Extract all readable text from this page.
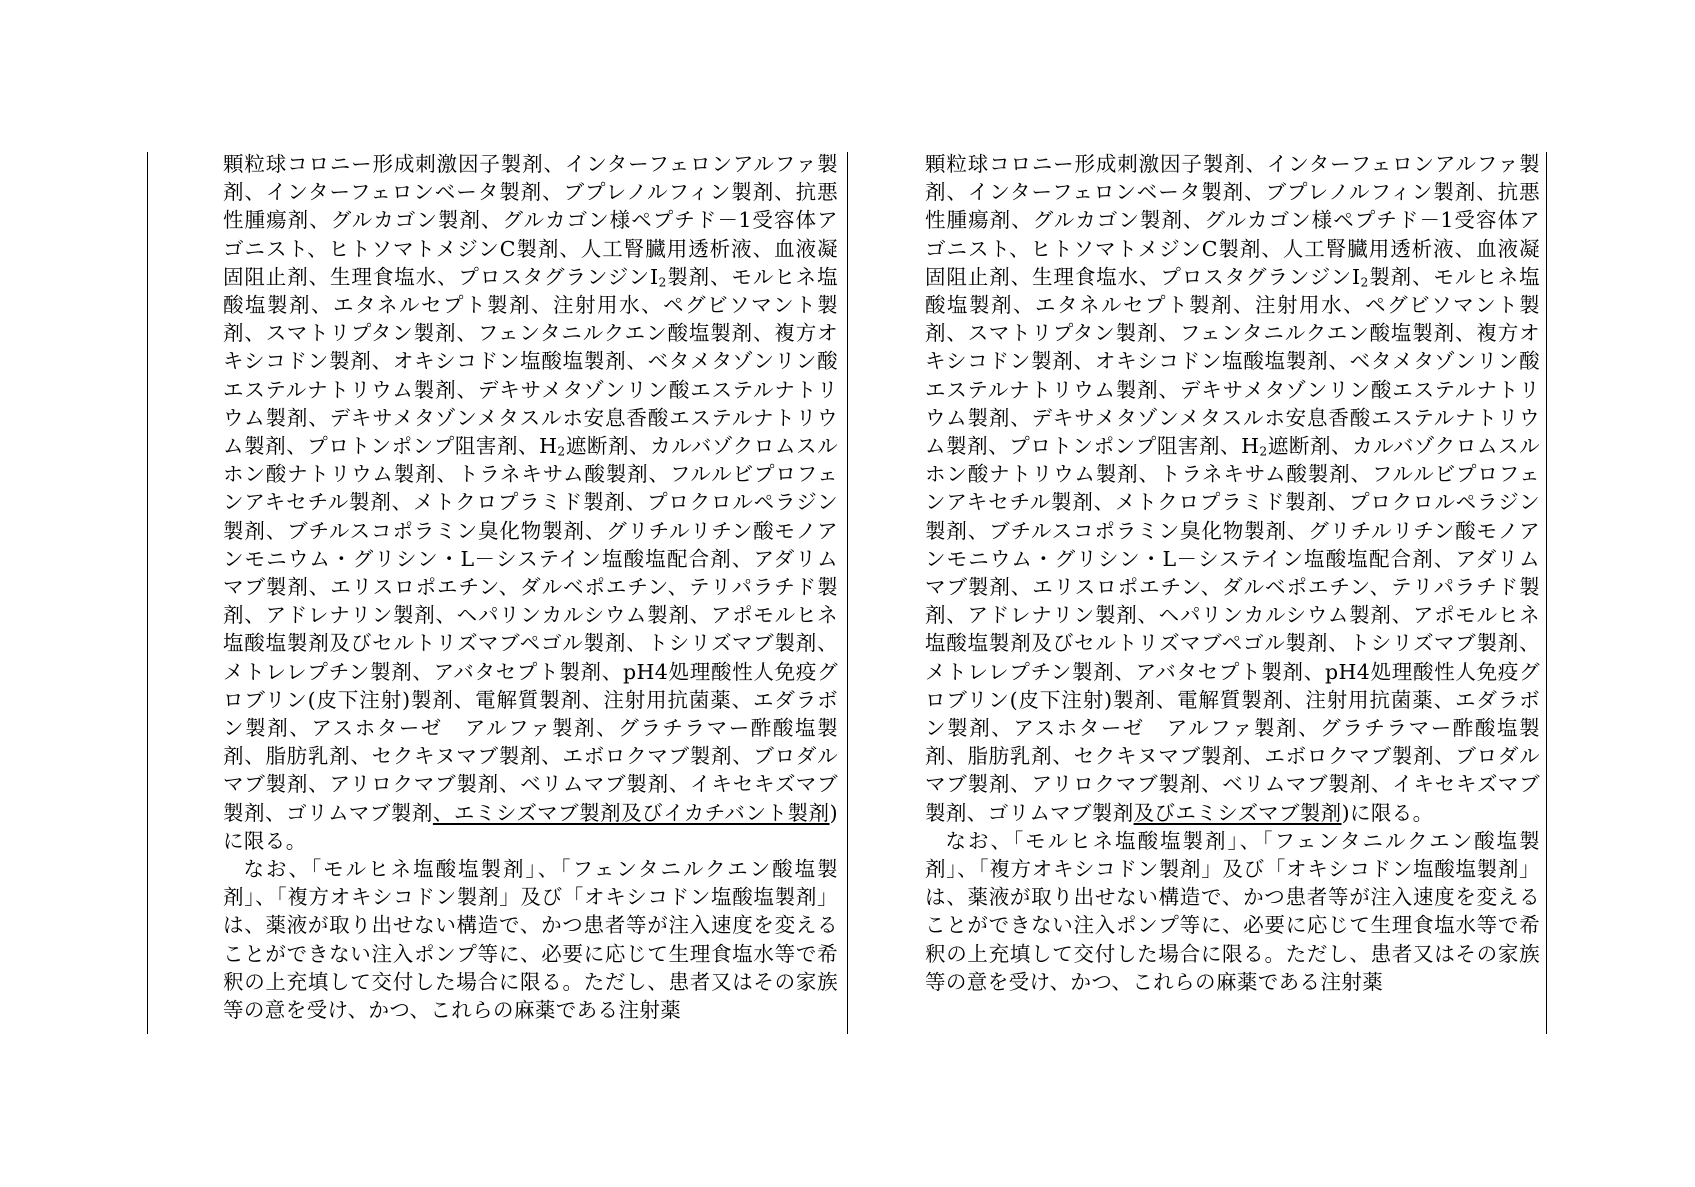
顆粒球コロニー形成刺激因子製剤、インターフェロンアルファ製剤、インターフェロンベータ製剤、ブプレノルフィン製剤、抗悪性腫瘍剤、グルカゴン製剤、グルカゴン様ペプチド－1受容体アゴニスト、ヒトソマトメジンC製剤、人工腎臓用透析液、血液凝固阻止剤、生理食塩水、プロスタグランジン$I_2$製剤、モルヒネ塩酸塩製剤、エタネルセプト製剤、注射用水、ペグビソマント製剤、スマトリプタン製剤、フェンタニルクエン酸塩製剤、複方オキシコドン製剤、オキシコドン塩酸塩製剤、ベタメタゾンリン酸エステルナトリウム製剤、デキサメタゾンリン酸エステルナトリウム製剤、デキサメタゾンメタスルホ安息香酸エステルナトリウム製剤、プロトンポンプ阻害剤、$H_2$遮断剤、カルバゾクロムスルホン酸ナトリウム製剤、トラネキサム酸製剤、フルルビプロフェンアキセチル製剤、メトクロプラミド製剤、プロクロルペラジン製剤、ブチルスコポラミン臭化物製剤、グリチルリチン酸モノアンモニウム・グリシン・L－システイン塩酸塩配合剤、アダリムマブ製剤、エリスロポエチン、ダルベポエチン、テリパラチド製剤、アドレナリン製剤、ヘパリンカルシウム製剤、アポモルヒネ塩酸塩製剤及びセルトリズマブペゴル製剤、トシリズマブ製剤、メトレレプチン製剤、アバタセプト製剤、pH4処理酸性人免疫グロブリン(皮下注射)製剤、電解質製剤、注射用抗菌薬、エダラボン製剤、アスホターゼ　アルファ製剤、グラチラマー酢酸塩製剤、脂肪乳剤、セクキヌマブ製剤、エボロクマブ製剤、ブロダルマブ製剤、アリロクマブ製剤、ベリムマブ製剤、イキセキズマブ製剤、ゴリムマブ製剤、エミシズマブ製剤及びイカチバント製剤)に限る。

なお、「モルヒネ塩酸塩製剤」、「フェンタニルクエン酸塩製剤」、「複方オキシコドン製剤」及び「オキシコドン塩酸塩製剤」は、薬液が取り出せない構造で、かつ患者等が注入速度を変えることができない注入ポンプ等に、必要に応じて生理食塩水等で希釈の上充填して交付した場合に限る。ただし、患者又はその家族等の意を受け、かつ、これらの麻薬である注射薬

顆粒球コロニー形成刺激因子製剤、インターフェロンアルファ製剤、インターフェロンベータ製剤、ブプレノルフィン製剤、抗悪性腫瘍剤、グルカゴン製剤、グルカゴン様ペプチド－1受容体アゴニスト、ヒトソマトメジンC製剤、人工腎臓用透析液、血液凝固阻止剤、生理食塩水、プロスタグランジン$I_2$製剤、モルヒネ塩酸塩製剤、エタネルセプト製剤、注射用水、ペグビソマント製剤、スマトリプタン製剤、フェンタニルクエン酸塩製剤、複方オキシコドン製剤、オキシコドン塩酸塩製剤、ベタメタゾンリン酸エステルナトリウム製剤、デキサメタゾンリン酸エステルナトリウム製剤、デキサメタゾンメタスルホ安息香酸エステルナトリウム製剤、プロトンポンプ阻害剤、$H_2$遮断剤、カルバゾクロムスルホン酸ナトリウム製剤、トラネキサム酸製剤、フルルビプロフェンアキセチル製剤、メトクロプラミド製剤、プロクロルペラジン製剤、ブチルスコポラミン臭化物製剤、グリチルリチン酸モノアンモニウム・グリシン・L－システイン塩酸塩配合剤、アダリムマブ製剤、エリスロポエチン、ダルベポエチン、テリパラチド製剤、アドレナリン製剤、ヘパリンカルシウム製剤、アポモルヒネ塩酸塩製剤及びセルトリズマブペゴル製剤、トシリズマブ製剤、メトレレプチン製剤、アバタセプト製剤、pH4処理酸性人免疫グロブリン(皮下注射)製剤、電解質製剤、注射用抗菌薬、エダラボン製剤、アスホターゼ　アルファ製剤、グラチラマー酢酸塩製剤、脂肪乳剤、セクキヌマブ製剤、エボロクマブ製剤、ブロダルマブ製剤、アリロクマブ製剤、ベリムマブ製剤、イキセキズマブ製剤、ゴリムマブ製剤及びエミシズマブ製剤)に限る。

なお、「モルヒネ塩酸塩製剤」、「フェンタニルクエン酸塩製剤」、「複方オキシコドン製剤」及び「オキシコドン塩酸塩製剤」は、薬液が取り出せない構造で、かつ患者等が注入速度を変えることができない注入ポンプ等に、必要に応じて生理食塩水等で希釈の上充填して交付した場合に限る。ただし、患者又はその家族等の意を受け、かつ、これらの麻薬である注射薬
